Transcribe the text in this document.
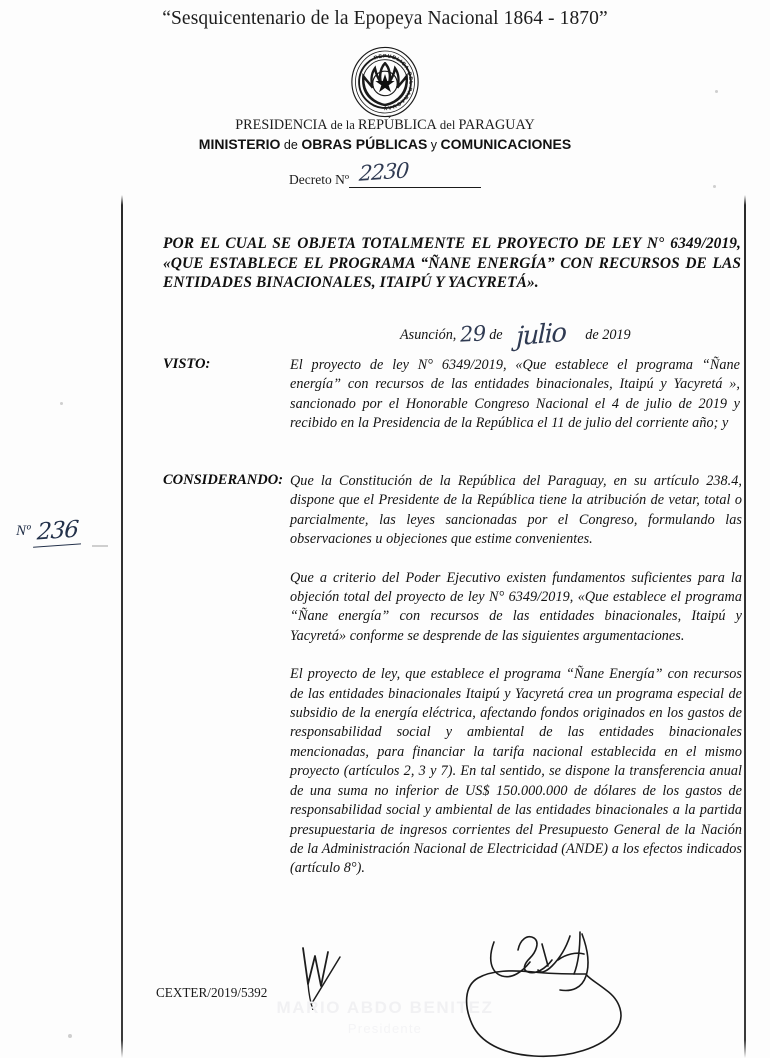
“Sesquicentenario de la Epopeya Nacional 1864 - 1870”
REPUBLICA DEL PARAGUAY
PRESIDENCIA de la REPÚBLICA del PARAGUAY
MINISTERIO de OBRAS PÚBLICAS y COMUNICACIONES
Decreto Nº 2230
POR EL CUAL SE OBJETA TOTALMENTE EL PROYECTO DE LEY N° 6349/2019, «QUE ESTABLECE EL PROGRAMA “ÑANE ENERGÍA” CON RECURSOS DE LAS ENTIDADES BINACIONALES, ITAIPÚ Y YACYRETÁ».
Asunción, 29 de julio de 2019
VISTO:	El proyecto de ley N° 6349/2019, «Que establece el programa “Ñane energía” con recursos de las entidades binacionales, Itaipú y Yacyretá », sancionado por el Honorable Congreso Nacional el 4 de julio de 2019 y recibido en la Presidencia de la República el 11 de julio del corriente año; y

CONSIDERANDO: Que la Constitución de la República del Paraguay, en su artículo 238.4, dispone que el Presidente de la República tiene la atribución de vetar, total o parcialmente, las leyes sancionadas por el Congreso, formulando las observaciones u objeciones que estime convenientes.

Que a criterio del Poder Ejecutivo existen fundamentos suficientes para la objeción total del proyecto de ley N° 6349/2019, «Que establece el programa “Ñane energía” con recursos de las entidades binacionales, Itaipú y Yacyretá» conforme se desprende de las siguientes argumentaciones.

El proyecto de ley, que establece el programa “Ñane Energía” con recursos de las entidades binacionales Itaipú y Yacyretá crea un programa especial de subsidio de la energía eléctrica, afectando fondos originados en los gastos de responsabilidad social y ambiental de las entidades binacionales mencionadas, para financiar la tarifa nacional establecida en el mismo proyecto (artículos 2, 3 y 7). En tal sentido, se dispone la transferencia anual de una suma no inferior de US$ 150.000.000 de dólares de los gastos de responsabilidad social y ambiental de las entidades binacionales a la partida presupuestaria de ingresos corrientes del Presupuesto General de la Nación de la Administración Nacional de Electricidad (ANDE) a los efectos indicados (artículo 8°).

Nº 236
CEXTER/2019/5392
MARIO ABDO BENITEZ
Presidente
